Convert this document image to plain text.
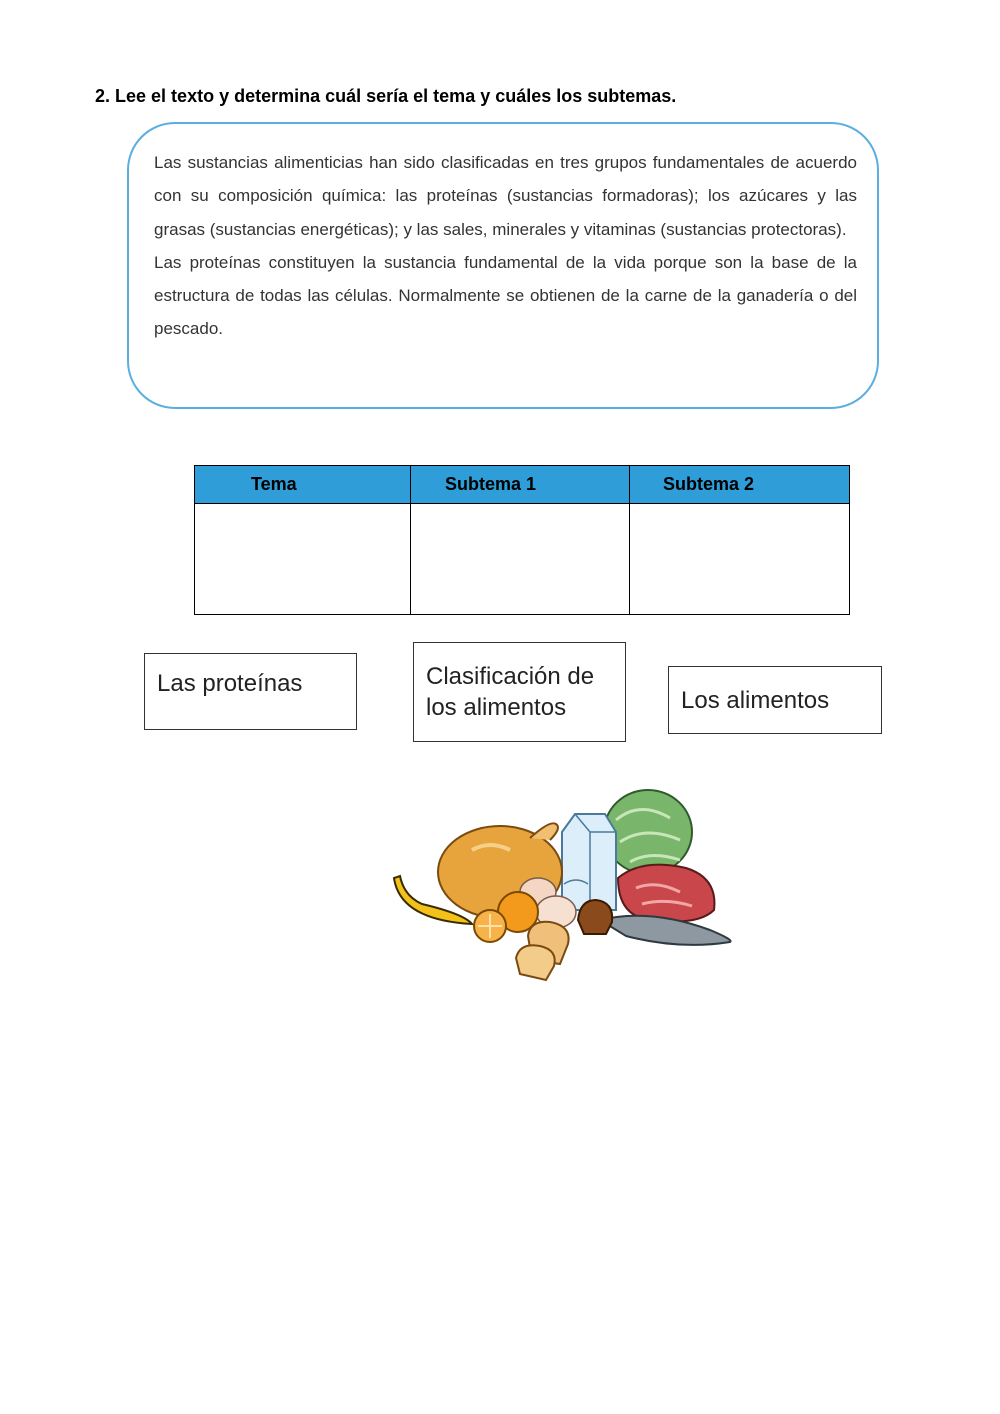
2. Lee el texto y determina cuál sería el tema y cuáles los subtemas.

Las sustancias alimenticias han sido clasificadas en tres grupos fundamentales de acuerdo con su composición química: las proteínas (sustancias formadoras); los azúcares y las grasas (sustancias energéticas); y las sales, minerales y vitaminas (sustancias protectoras).

Las proteínas constituyen la sustancia fundamental de la vida porque son la base de la estructura de todas las células. Normalmente se obtienen de la carne de la ganadería o del pescado.

Tema	Subtema 1	Subtema 2

Las proteínas	Clasificación de los alimentos	Los alimentos
